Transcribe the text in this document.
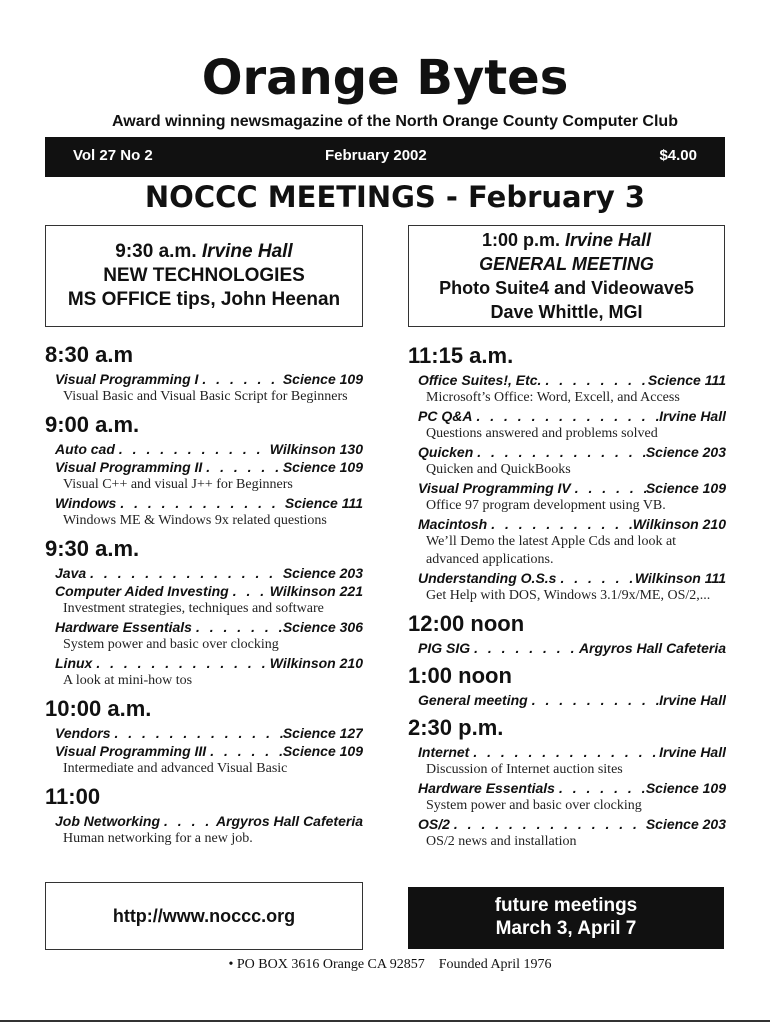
Orange Bytes
Award winning newsmagazine of the North Orange County Computer Club
Vol 27 No 2	February 2002	$4.00
NOCCC MEETINGS - February 3
9:30 a.m. Irvine Hall
NEW TECHNOLOGIES
MS OFFICE tips, John Heenan
1:00 p.m. Irvine Hall
GENERAL MEETING
Photo Suite4 and Videowave5
Dave Whittle, MGI
8:30 a.m
Visual Programming I . . .	Science 109
Visual Basic and Visual Basic Script for Beginners
9:00 a.m.
Auto cad . . .	Wilkinson 130
Visual Programming II . . .	Science 109
Visual C++ and visual J++ for Beginners
Windows . . .	Science 111
Windows ME & Windows 9x related questions
9:30 a.m.
Java . . .	Science 203
Computer Aided Investing . . .	Wilkinson 221
Investment strategies, techniques and software
Hardware Essentials . . .	Science 306
System power and basic over clocking
Linux . . .	Wilkinson 210
A look at mini-how tos
10:00 a.m.
Vendors . . .	Science 127
Visual Programming III . . .	Science 109
Intermediate and advanced Visual Basic
11:00
Job Networking . . .	Argyros Hall Cafeteria
Human networking for a new job.
11:15 a.m.
Office Suites!, Etc. . . .	Science 111
Microsoft’s Office: Word, Excell, and Access
PC Q&A . . .	Irvine Hall
Questions answered and problems solved
Quicken . . .	Science 203
Quicken and QuickBooks
Visual Programming IV . . .	Science 109
Office 97 program development using VB.
Macintosh . . .	Wilkinson 210
We’ll Demo the latest Apple Cds and look at advanced applications.
Understanding O.S.s . . .	Wilkinson 111
Get Help with DOS, Windows 3.1/9x/ME, OS/2,...
12:00 noon
PIG SIG . . .	Argyros Hall Cafeteria
1:00 noon
General meeting . . .	Irvine Hall
2:30 p.m.
Internet . . .	Irvine Hall
Discussion of Internet auction sites
Hardware Essentials . . .	Science 109
System power and basic over clocking
OS/2 . . .	Science 203
OS/2 news and installation
http://www.noccc.org	future meetings
March 3, April 7
• PO BOX 3616 Orange CA 92857 Founded April 1976
